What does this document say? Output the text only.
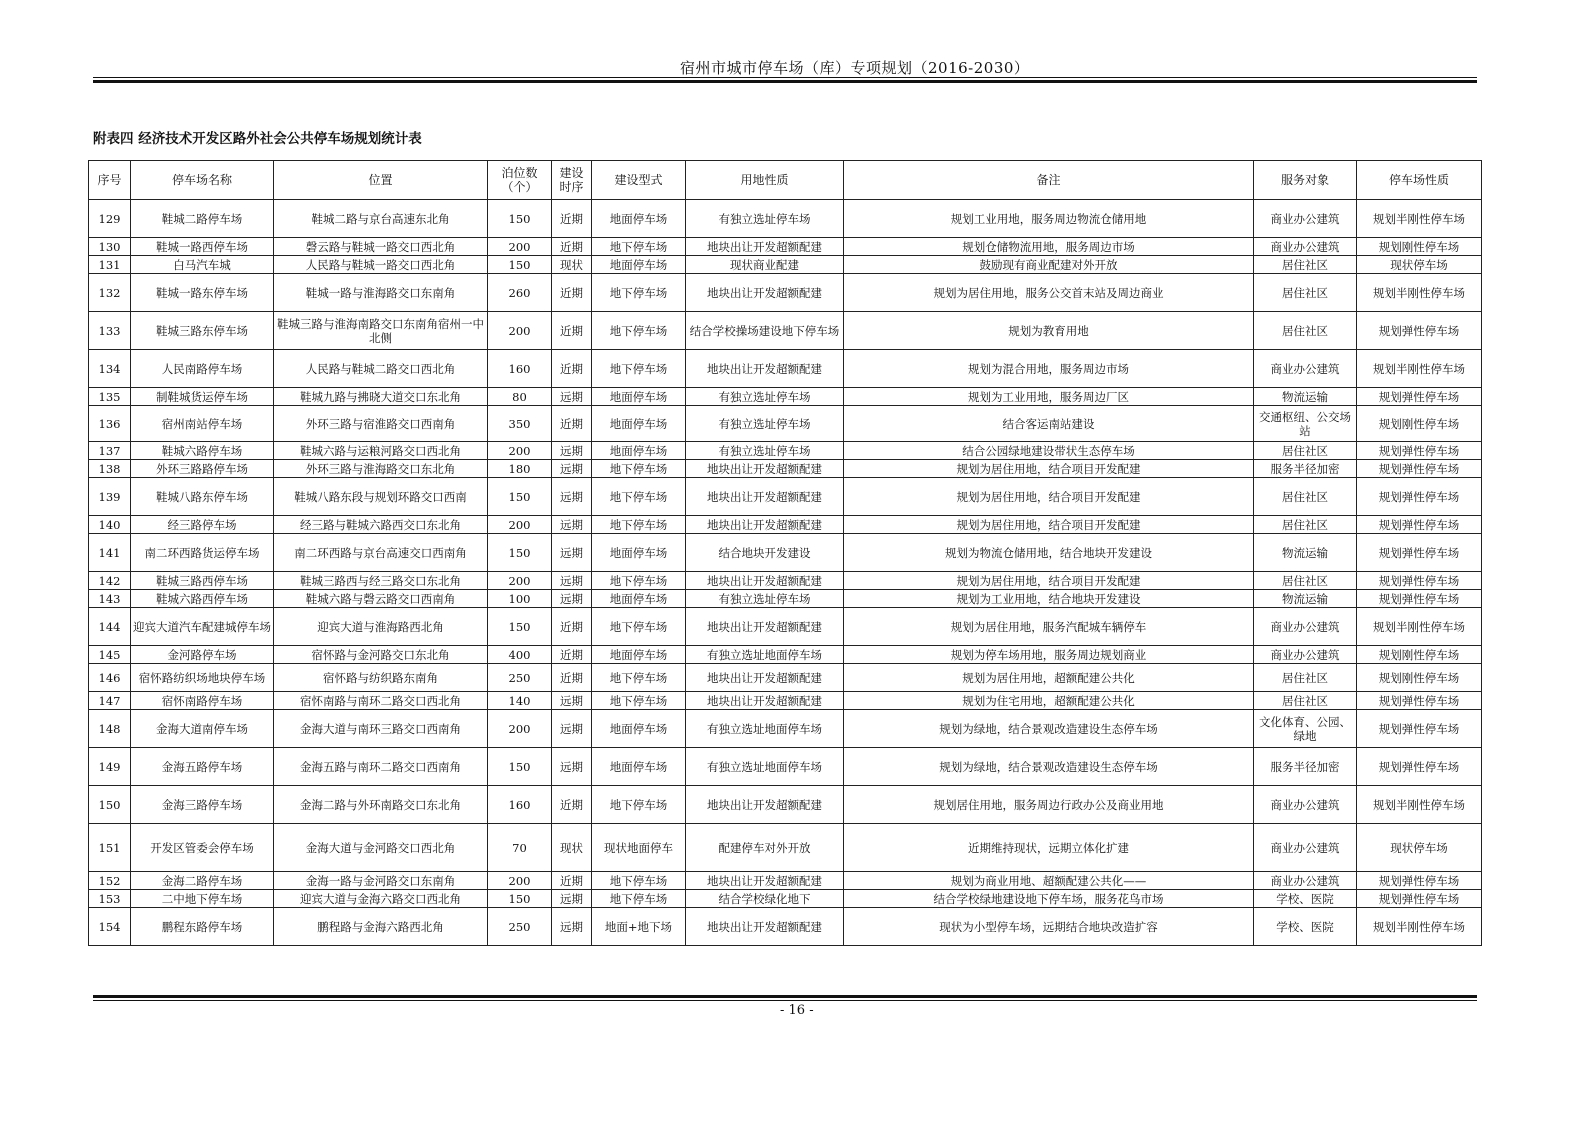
宿州市城市停车场（库）专项规划（2016-2030）
附表四 经济技术开发区路外社会公共停车场规划统计表
序号	停车场名称	位置	泊位数（个）	建设时序	建设型式	用地性质	备注	服务对象	停车场性质
129	鞋城二路停车场	鞋城二路与京台高速东北角	150	近期	地面停车场	有独立选址停车场	规划工业用地，服务周边物流仓储用地	商业办公建筑	规划半刚性停车场
130	鞋城一路西停车场	磬云路与鞋城一路交口西北角	200	近期	地下停车场	地块出让开发超额配建	规划仓储物流用地，服务周边市场	商业办公建筑	规划刚性停车场
131	白马汽车城	人民路与鞋城一路交口西北角	150	现状	地面停车场	现状商业配建	鼓励现有商业配建对外开放	居住社区	现状停车场
132	鞋城一路东停车场	鞋城一路与淮海路交口东南角	260	近期	地下停车场	地块出让开发超额配建	规划为居住用地，服务公交首末站及周边商业	居住社区	规划半刚性停车场
133	鞋城三路东停车场	鞋城三路与淮海南路交口东南角宿州一中北侧	200	近期	地下停车场	结合学校操场建设地下停车场	规划为教育用地	居住社区	规划弹性停车场
134	人民南路停车场	人民路与鞋城二路交口西北角	160	近期	地下停车场	地块出让开发超额配建	规划为混合用地，服务周边市场	商业办公建筑	规划半刚性停车场
135	制鞋城货运停车场	鞋城九路与拂晓大道交口东北角	80	远期	地面停车场	有独立选址停车场	规划为工业用地，服务周边厂区	物流运输	规划弹性停车场
136	宿州南站停车场	外环三路与宿淮路交口西南角	350	近期	地面停车场	有独立选址停车场	结合客运南站建设	交通枢纽、公交场站	规划刚性停车场
137	鞋城六路停车场	鞋城六路与运粮河路交口西北角	200	远期	地面停车场	有独立选址停车场	结合公园绿地建设带状生态停车场	居住社区	规划弹性停车场
138	外环三路路停车场	外环三路与淮海路交口东北角	180	远期	地下停车场	地块出让开发超额配建	规划为居住用地，结合项目开发配建	服务半径加密	规划弹性停车场
139	鞋城八路东停车场	鞋城八路东段与规划环路交口西南	150	远期	地下停车场	地块出让开发超额配建	规划为居住用地，结合项目开发配建	居住社区	规划弹性停车场
140	经三路停车场	经三路与鞋城六路西交口东北角	200	远期	地下停车场	地块出让开发超额配建	规划为居住用地，结合项目开发配建	居住社区	规划弹性停车场
141	南二环西路货运停车场	南二环西路与京台高速交口西南角	150	远期	地面停车场	结合地块开发建设	规划为物流仓储用地，结合地块开发建设	物流运输	规划弹性停车场
142	鞋城三路西停车场	鞋城三路西与经三路交口东北角	200	远期	地下停车场	地块出让开发超额配建	规划为居住用地，结合项目开发配建	居住社区	规划弹性停车场
143	鞋城六路西停车场	鞋城六路与磬云路交口西南角	100	远期	地面停车场	有独立选址停车场	规划为工业用地，结合地块开发建设	物流运输	规划弹性停车场
144	迎宾大道汽车配建城停车场	迎宾大道与淮海路西北角	150	近期	地下停车场	地块出让开发超额配建	规划为居住用地，服务汽配城车辆停车	商业办公建筑	规划半刚性停车场
145	金河路停车场	宿怀路与金河路交口东北角	400	近期	地面停车场	有独立选址地面停车场	规划为停车场用地，服务周边规划商业	商业办公建筑	规划刚性停车场
146	宿怀路纺织场地块停车场	宿怀路与纺织路东南角	250	近期	地下停车场	地块出让开发超额配建	规划为居住用地，超额配建公共化	居住社区	规划刚性停车场
147	宿怀南路停车场	宿怀南路与南环二路交口西北角	140	远期	地下停车场	地块出让开发超额配建	规划为住宅用地，超额配建公共化	居住社区	规划弹性停车场
148	金海大道南停车场	金海大道与南环三路交口西南角	200	远期	地面停车场	有独立选址地面停车场	规划为绿地，结合景观改造建设生态停车场	文化体育、公园、绿地	规划弹性停车场
149	金海五路停车场	金海五路与南环二路交口西南角	150	远期	地面停车场	有独立选址地面停车场	规划为绿地，结合景观改造建设生态停车场	服务半径加密	规划弹性停车场
150	金海三路停车场	金海二路与外环南路交口东北角	160	近期	地下停车场	地块出让开发超额配建	规划居住用地，服务周边行政办公及商业用地	商业办公建筑	规划半刚性停车场
151	开发区管委会停车场	金海大道与金河路交口西北角	70	现状	现状地面停车	配建停车对外开放	近期维持现状，远期立体化扩建	商业办公建筑	现状停车场
152	金海二路停车场	金海一路与金河路交口东南角	200	近期	地下停车场	地块出让开发超额配建	规划为商业用地、超额配建公共化——	商业办公建筑	规划弹性停车场
153	二中地下停车场	迎宾大道与金海六路交口西北角	150	远期	地下停车场	结合学校绿化地下	结合学校绿地建设地下停车场，服务花鸟市场	学校、医院	规划弹性停车场
154	鹏程东路停车场	鹏程路与金海六路西北角	250	远期	地面+地下场	地块出让开发超额配建	现状为小型停车场，远期结合地块改造扩容	学校、医院	规划半刚性停车场
- 16 -
